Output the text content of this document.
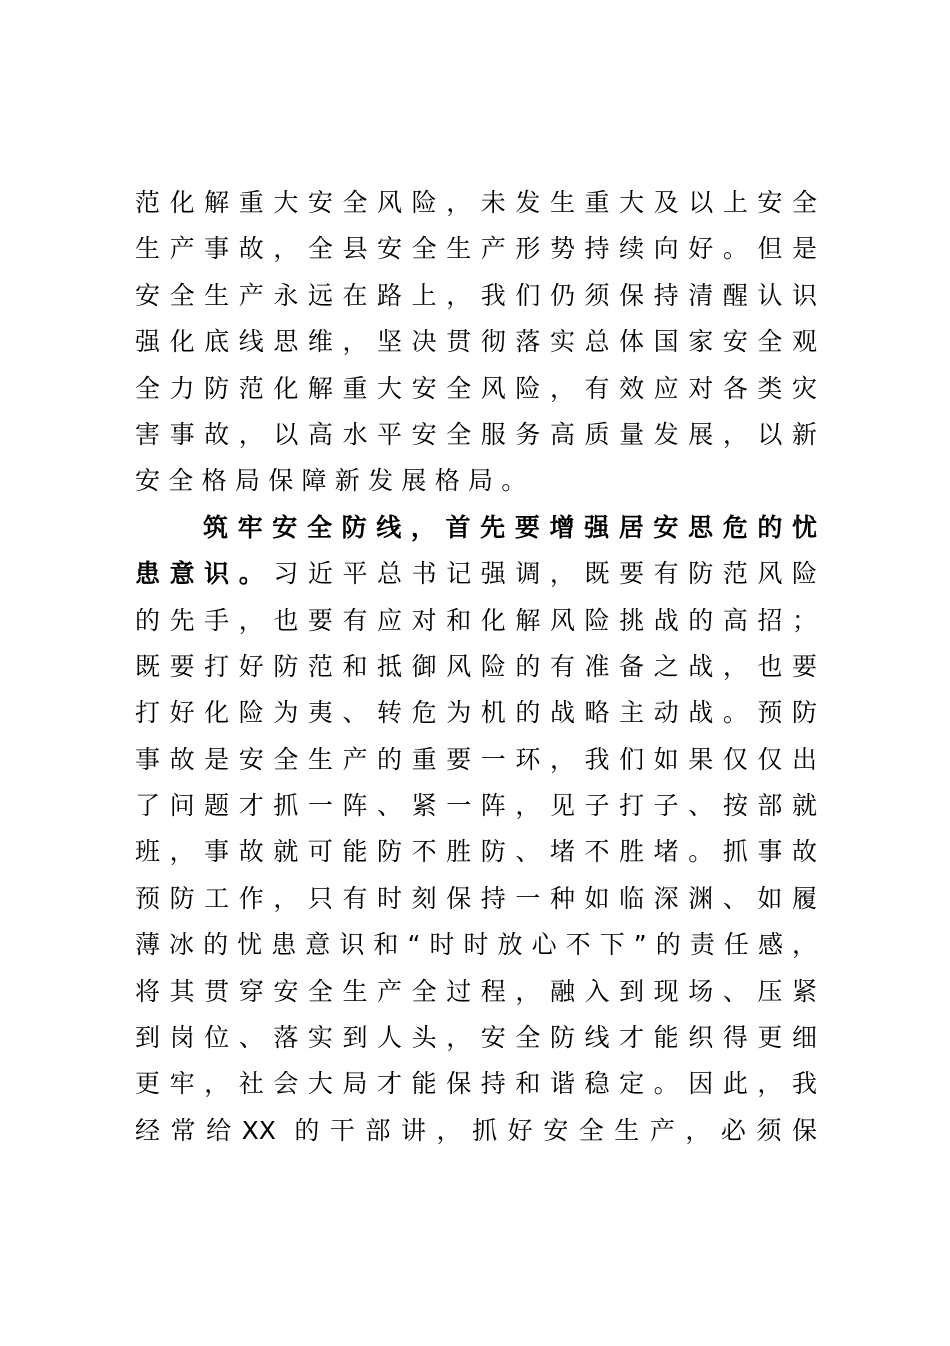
范化解重大安全风险，未发生重大及以上安全
生产事故，全县安全生产形势持续向好。但是
安全生产永远在路上，我们仍须保持清醒认识
强化底线思维，坚决贯彻落实总体国家安全观
全力防范化解重大安全风险，有效应对各类灾
害事故，以高水平安全服务高质量发展，以新
安全格局保障新发展格局。
筑牢安全防线，首先要增强居安思危的忧
患意识。习近平总书记强调，既要有防范风险
的先手，也要有应对和化解风险挑战的高招；
既要打好防范和抵御风险的有准备之战，也要
打好化险为夷、转危为机的战略主动战。预防
事故是安全生产的重要一环，我们如果仅仅出
了问题才抓一阵、紧一阵，见子打子、按部就
班，事故就可能防不胜防、堵不胜堵。抓事故
预防工作，只有时刻保持一种如临深渊、如履
薄冰的忧患意识和“时时放心不下”的责任感，
将其贯穿安全生产全过程，融入到现场、压紧
到岗位、落实到人头，安全防线才能织得更细
更牢，社会大局才能保持和谐稳定。因此，我
经常给XX 的干部讲，抓好安全生产，必须保
